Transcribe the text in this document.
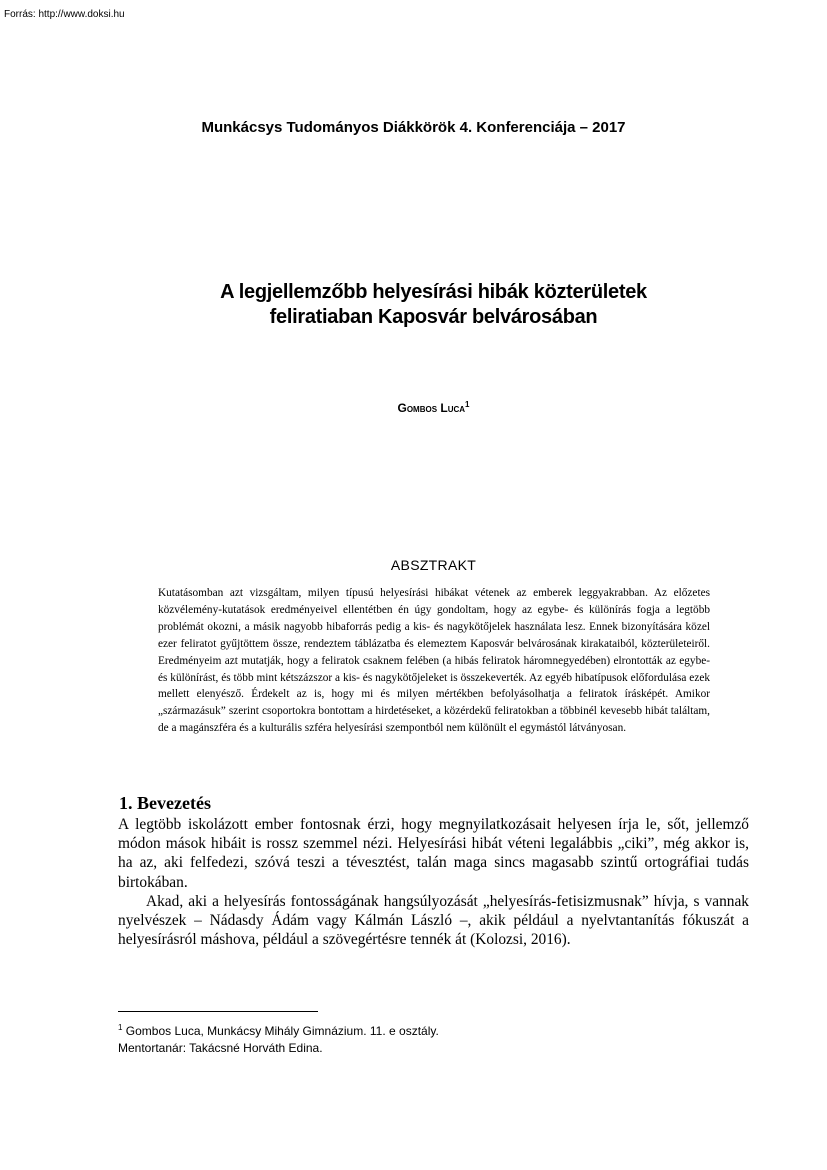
Forrás: http://www.doksi.hu
Munkácsys Tudományos Diákkörök 4. Konferenciája – 2017
A legjellemzőbb helyesírási hibák közterületek
feliratiaban Kaposvár belvárosában
Gombos Luca$^1$
ABSZTRAKT
Kutatásomban azt vizsgáltam, milyen típusú helyesírási hibákat vétenek az emberek leggyakrabban. Az előzetes közvélemény-kutatások eredményeivel ellentétben én úgy gondoltam, hogy az egybe- és különírás fogja a legtöbb problémát okozni, a másik nagyobb hibaforrás pedig a kis- és nagykötőjelek használata lesz. Ennek bizonyítására közel ezer feliratot gyűjtöttem össze, rendeztem táblázatba és elemeztem Kaposvár belvárosának kirakataiból, közterületeiről. Eredményeim azt mutatják, hogy a feliratok csaknem felében (a hibás feliratok háromnegyedében) elrontották az egybe- és különírást, és több mint kétszázszor a kis- és nagykötőjeleket is összekeverték. Az egyéb hibatípusok előfordulása ezek mellett elenyésző. Érdekelt az is, hogy mi és milyen mértékben befolyásolhatja a feliratok írásképét. Amikor „származásuk” szerint csoportokra bontottam a hirdetéseket, a közérdekű feliratokban a többinél kevesebb hibát találtam, de a magánszféra és a kulturális szféra helyesírási szempontból nem különült el egymástól látványosan.
1. Bevezetés

A legtöbb iskolázott ember fontosnak érzi, hogy megnyilatkozásait helyesen írja le, sőt, jellemző módon mások hibáit is rossz szemmel nézi. Helyesírási hibát véteni legalábbis „ciki”, még akkor is, ha az, aki felfedezi, szóvá teszi a tévesztést, talán maga sincs magasabb szintű ortográfiai tudás birtokában.

Akad, aki a helyesírás fontosságának hangsúlyozását „helyesírás-fetisizmusnak” hívja, s vannak nyelvészek – Nádasdy Ádám vagy Kálmán László –, akik például a nyelvtantanítás fókuszát a helyesírásról máshova, például a szövegértésre tennék át (Kolozsi, 2016).

$^1$ Gombos Luca, Munkácsy Mihály Gimnázium. 11. e osztály.
Mentortanár: Takácsné Horváth Edina.
